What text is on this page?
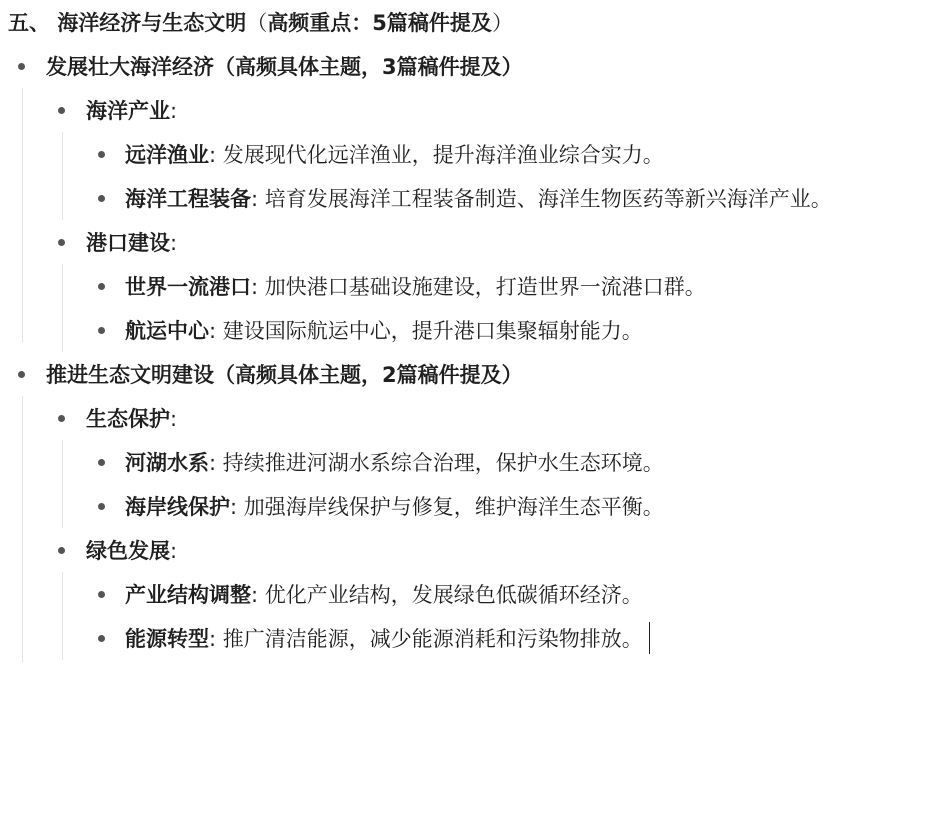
五、 海洋经济与生态文明（高频重点：5篇稿件提及）
发展壮大海洋经济（高频具体主题，3篇稿件提及）
海洋产业:
远洋渔业: 发展现代化远洋渔业，提升海洋渔业综合实力。
海洋工程装备: 培育发展海洋工程装备制造、海洋生物医药等新兴海洋产业。
港口建设:
世界一流港口: 加快港口基础设施建设，打造世界一流港口群。
航运中心: 建设国际航运中心，提升港口集聚辐射能力。
推进生态文明建设（高频具体主题，2篇稿件提及）
生态保护:
河湖水系: 持续推进河湖水系综合治理，保护水生态环境。
海岸线保护: 加强海岸线保护与修复，维护海洋生态平衡。
绿色发展:
产业结构调整: 优化产业结构，发展绿色低碳循环经济。
能源转型: 推广清洁能源，减少能源消耗和污染物排放。
